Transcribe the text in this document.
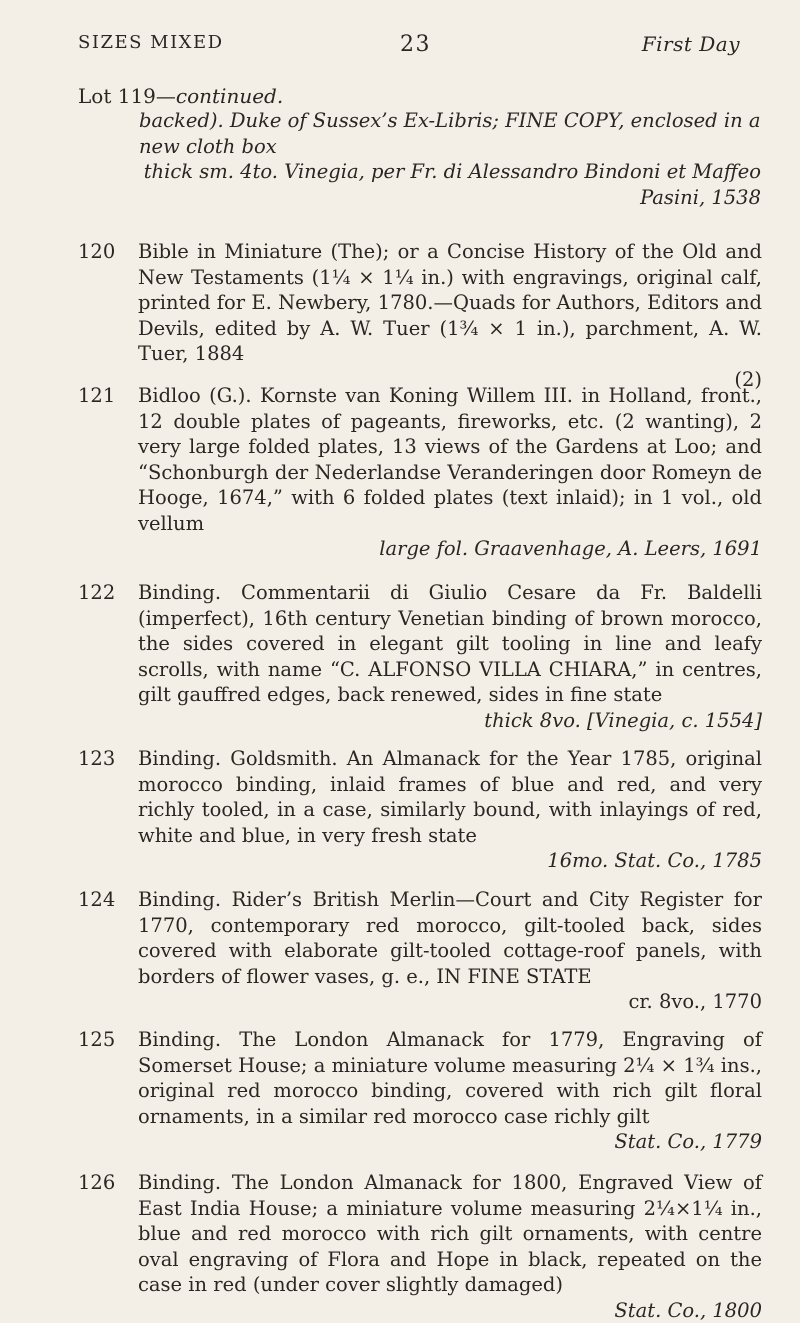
SIZES MIXED	23	First Day
Lot 119—continued.
backed). Duke of Sussex’s Ex-Libris; FINE COPY, enclosed in a new cloth box
thick sm. 4to. Vinegia, per Fr. di Alessandro Bindoni et Maffeo Pasini, 1538
120	Bible in Miniature (The); or a Concise History of the Old and New Testaments (1¼ × 1¼ in.) with engravings, original calf, printed for E. Newbery, 1780.—Quads for Authors, Editors and Devils, edited by A. W. Tuer (1¾ × 1 in.), parchment, A. W. Tuer, 1884
(2)
121	Bidloo (G.). Kornste van Koning Willem III. in Holland, front., 12 double plates of pageants, fireworks, etc. (2 wanting), 2 very large folded plates, 13 views of the Gardens at Loo; and “Schonburgh der Nederlandse Veranderingen door Romeyn de Hooge, 1674,” with 6 folded plates (text inlaid); in 1 vol., old vellum
large fol. Graavenhage, A. Leers, 1691
122	Binding. Commentarii di Giulio Cesare da Fr. Baldelli (imperfect), 16th century Venetian binding of brown morocco, the sides covered in elegant gilt tooling in line and leafy scrolls, with name “C. ALFONSO VILLA CHIARA,” in centres, gilt gauffred edges, back renewed, sides in fine state
thick 8vo. [Vinegia, c. 1554]
123	Binding. Goldsmith. An Almanack for the Year 1785, original morocco binding, inlaid frames of blue and red, and very richly tooled, in a case, similarly bound, with inlayings of red, white and blue, in very fresh state
16mo. Stat. Co., 1785
124	Binding. Rider’s British Merlin—Court and City Register for 1770, contemporary red morocco, gilt-tooled back, sides covered with elaborate gilt-tooled cottage-roof panels, with borders of flower vases, g. e., IN FINE STATE
cr. 8vo., 1770
125	Binding. The London Almanack for 1779, Engraving of Somerset House; a miniature volume measuring 2¼ × 1¾ ins., original red morocco binding, covered with rich gilt floral ornaments, in a similar red morocco case richly gilt
Stat. Co., 1779
126	Binding. The London Almanack for 1800, Engraved View of East India House; a miniature volume measuring 2¼×1¼ in., blue and red morocco with rich gilt ornaments, with centre oval engraving of Flora and Hope in black, repeated on the case in red (under cover slightly damaged)
Stat. Co., 1800
